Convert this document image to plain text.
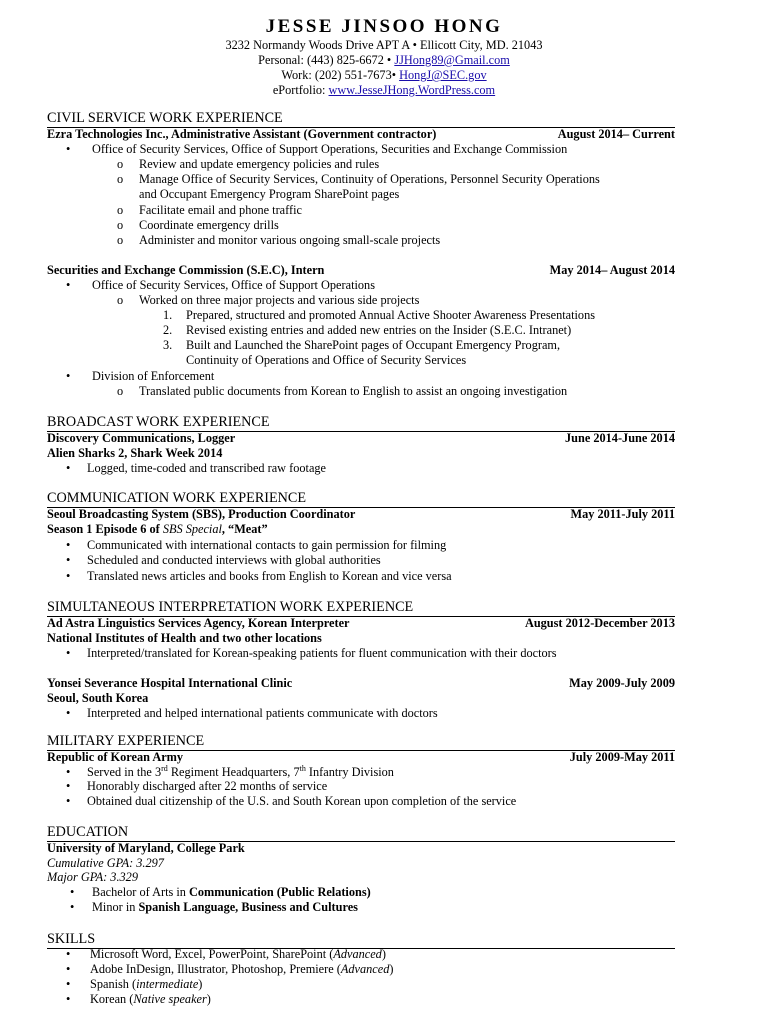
JESSE JINSOO HONG
3232 Normandy Woods Drive APT A • Ellicott City, MD. 21043
Personal: (443) 825-6672 • JJHong89@Gmail.com
Work: (202) 551-7673• HongJ@SEC.gov
ePortfolio: www.JesseJHong.WordPress.com
CIVIL SERVICE WORK EXPERIENCE
Ezra Technologies Inc., Administrative Assistant (Government contractor)	August 2014– Current
• Office of Security Services, Office of Support Operations, Securities and Exchange Commission
o Review and update emergency policies and rules
o Manage Office of Security Services, Continuity of Operations, Personnel Security Operations
and Occupant Emergency Program SharePoint pages
o Facilitate email and phone traffic
o Coordinate emergency drills
o Administer and monitor various ongoing small-scale projects
Securities and Exchange Commission (S.E.C), Intern	May 2014– August 2014
• Office of Security Services, Office of Support Operations
o Worked on three major projects and various side projects
1. Prepared, structured and promoted Annual Active Shooter Awareness Presentations
2. Revised existing entries and added new entries on the Insider (S.E.C. Intranet)
3. Built and Launched the SharePoint pages of Occupant Emergency Program,
Continuity of Operations and Office of Security Services
• Division of Enforcement
o Translated public documents from Korean to English to assist an ongoing investigation
BROADCAST WORK EXPERIENCE
Discovery Communications, Logger	June 2014-June 2014
Alien Sharks 2, Shark Week 2014
• Logged, time-coded and transcribed raw footage
COMMUNICATION WORK EXPERIENCE
Seoul Broadcasting System (SBS), Production Coordinator	May 2011-July 2011
Season 1 Episode 6 of SBS Special, “Meat”
• Communicated with international contacts to gain permission for filming
• Scheduled and conducted interviews with global authorities
• Translated news articles and books from English to Korean and vice versa
SIMULTANEOUS INTERPRETATION WORK EXPERIENCE
Ad Astra Linguistics Services Agency, Korean Interpreter	August 2012-December 2013
National Institutes of Health and two other locations
• Interpreted/translated for Korean-speaking patients for fluent communication with their doctors
Yonsei Severance Hospital International Clinic	May 2009-July 2009
Seoul, South Korea
• Interpreted and helped international patients communicate with doctors
MILITARY EXPERIENCE
Republic of Korean Army	July 2009-May 2011
• Served in the 3rd Regiment Headquarters, 7th Infantry Division
• Honorably discharged after 22 months of service
• Obtained dual citizenship of the U.S. and South Korean upon completion of the service
EDUCATION
University of Maryland, College Park
Cumulative GPA: 3.297
Major GPA: 3.329
• Bachelor of Arts in Communication (Public Relations)
• Minor in Spanish Language, Business and Cultures
SKILLS
• Microsoft Word, Excel, PowerPoint, SharePoint (Advanced)
• Adobe InDesign, Illustrator, Photoshop, Premiere (Advanced)
• Spanish (intermediate)
• Korean (Native speaker)
